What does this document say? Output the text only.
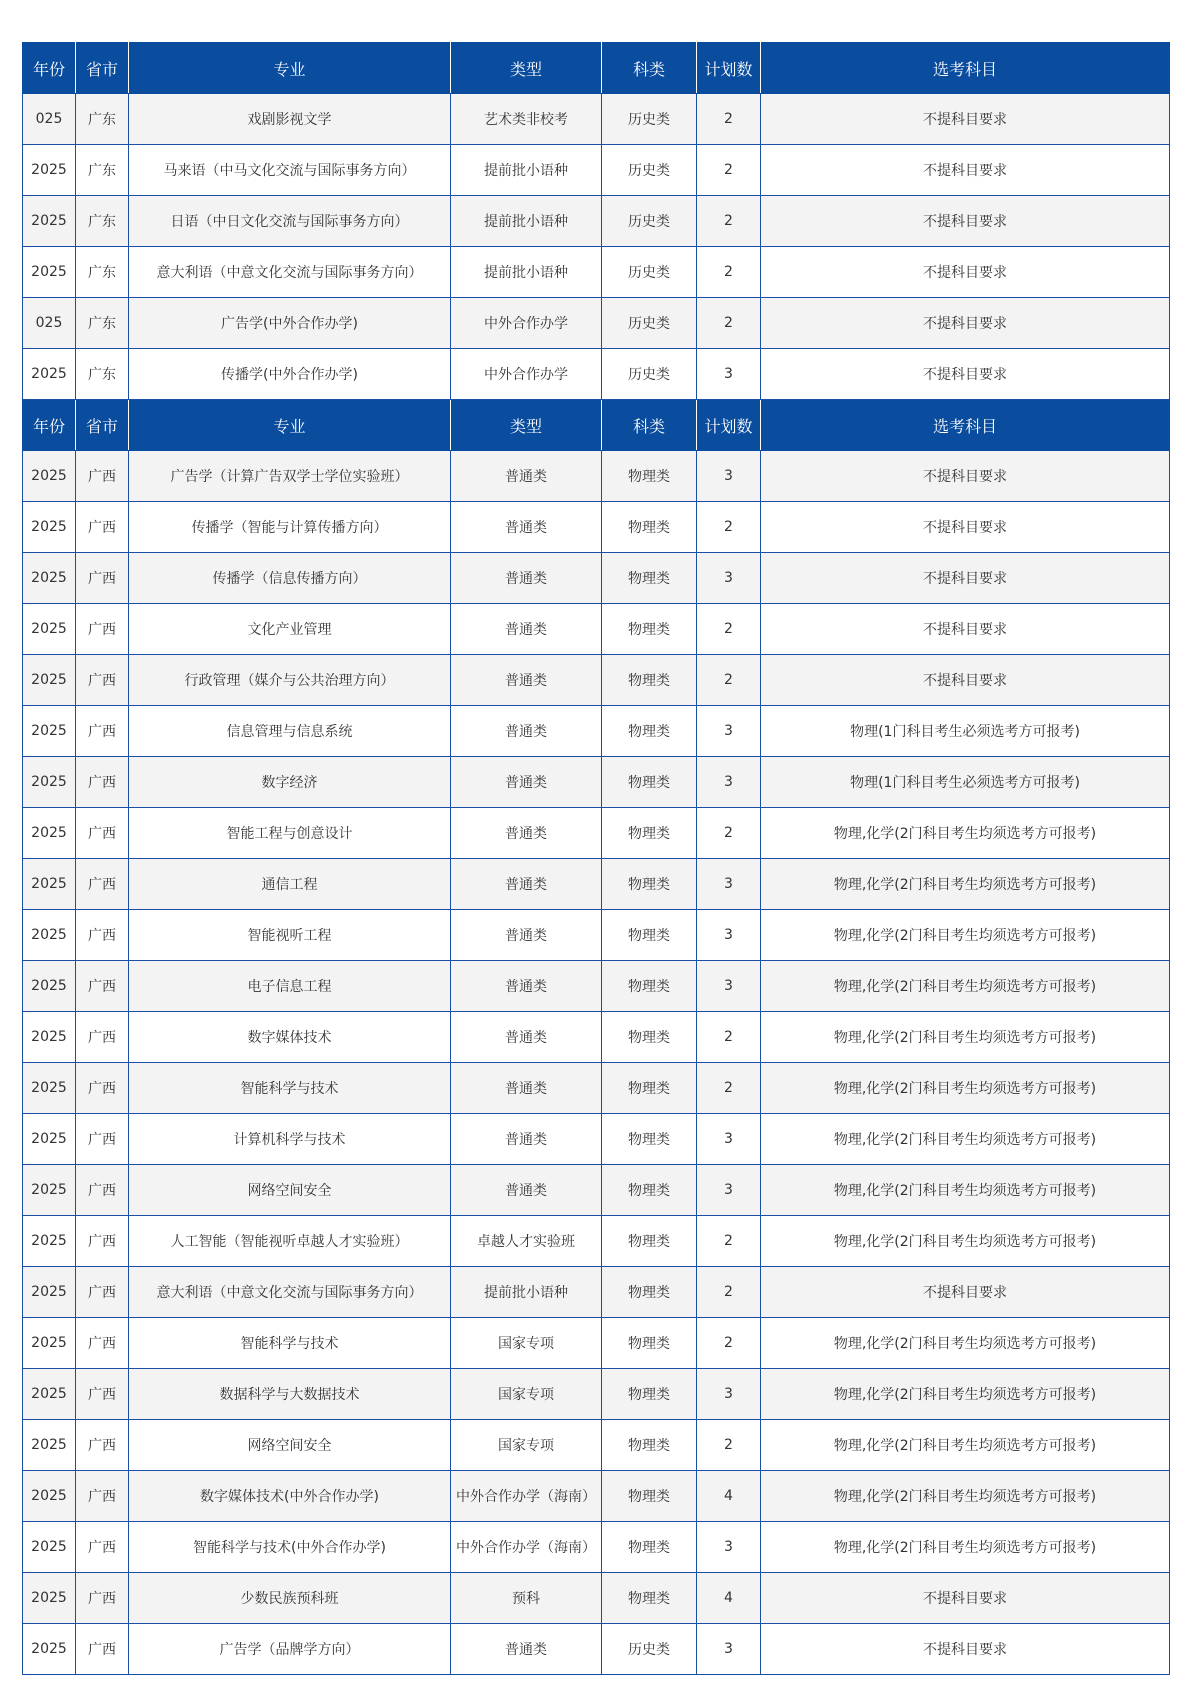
年份	省市	专业	类型	科类	计划数	选考科目
025	广东	戏剧影视文学	艺术类非校考	历史类	2	不提科目要求
2025	广东	马来语（中马文化交流与国际事务方向）	提前批小语种	历史类	2	不提科目要求
2025	广东	日语（中日文化交流与国际事务方向）	提前批小语种	历史类	2	不提科目要求
2025	广东	意大利语（中意文化交流与国际事务方向）	提前批小语种	历史类	2	不提科目要求
025	广东	广告学(中外合作办学)	中外合作办学	历史类	2	不提科目要求
2025	广东	传播学(中外合作办学)	中外合作办学	历史类	3	不提科目要求
年份	省市	专业	类型	科类	计划数	选考科目
2025	广西	广告学（计算广告双学士学位实验班）	普通类	物理类	3	不提科目要求
2025	广西	传播学（智能与计算传播方向）	普通类	物理类	2	不提科目要求
2025	广西	传播学（信息传播方向）	普通类	物理类	3	不提科目要求
2025	广西	文化产业管理	普通类	物理类	2	不提科目要求
2025	广西	行政管理（媒介与公共治理方向）	普通类	物理类	2	不提科目要求
2025	广西	信息管理与信息系统	普通类	物理类	3	物理(1门科目考生必须选考方可报考)
2025	广西	数字经济	普通类	物理类	3	物理(1门科目考生必须选考方可报考)
2025	广西	智能工程与创意设计	普通类	物理类	2	物理,化学(2门科目考生均须选考方可报考)
2025	广西	通信工程	普通类	物理类	3	物理,化学(2门科目考生均须选考方可报考)
2025	广西	智能视听工程	普通类	物理类	3	物理,化学(2门科目考生均须选考方可报考)
2025	广西	电子信息工程	普通类	物理类	3	物理,化学(2门科目考生均须选考方可报考)
2025	广西	数字媒体技术	普通类	物理类	2	物理,化学(2门科目考生均须选考方可报考)
2025	广西	智能科学与技术	普通类	物理类	2	物理,化学(2门科目考生均须选考方可报考)
2025	广西	计算机科学与技术	普通类	物理类	3	物理,化学(2门科目考生均须选考方可报考)
2025	广西	网络空间安全	普通类	物理类	3	物理,化学(2门科目考生均须选考方可报考)
2025	广西	人工智能（智能视听卓越人才实验班）	卓越人才实验班	物理类	2	物理,化学(2门科目考生均须选考方可报考)
2025	广西	意大利语（中意文化交流与国际事务方向）	提前批小语种	物理类	2	不提科目要求
2025	广西	智能科学与技术	国家专项	物理类	2	物理,化学(2门科目考生均须选考方可报考)
2025	广西	数据科学与大数据技术	国家专项	物理类	3	物理,化学(2门科目考生均须选考方可报考)
2025	广西	网络空间安全	国家专项	物理类	2	物理,化学(2门科目考生均须选考方可报考)
2025	广西	数字媒体技术(中外合作办学)	中外合作办学（海南）	物理类	4	物理,化学(2门科目考生均须选考方可报考)
2025	广西	智能科学与技术(中外合作办学)	中外合作办学（海南）	物理类	3	物理,化学(2门科目考生均须选考方可报考)
2025	广西	少数民族预科班	预科	物理类	4	不提科目要求
2025	广西	广告学（品牌学方向）	普通类	历史类	3	不提科目要求
